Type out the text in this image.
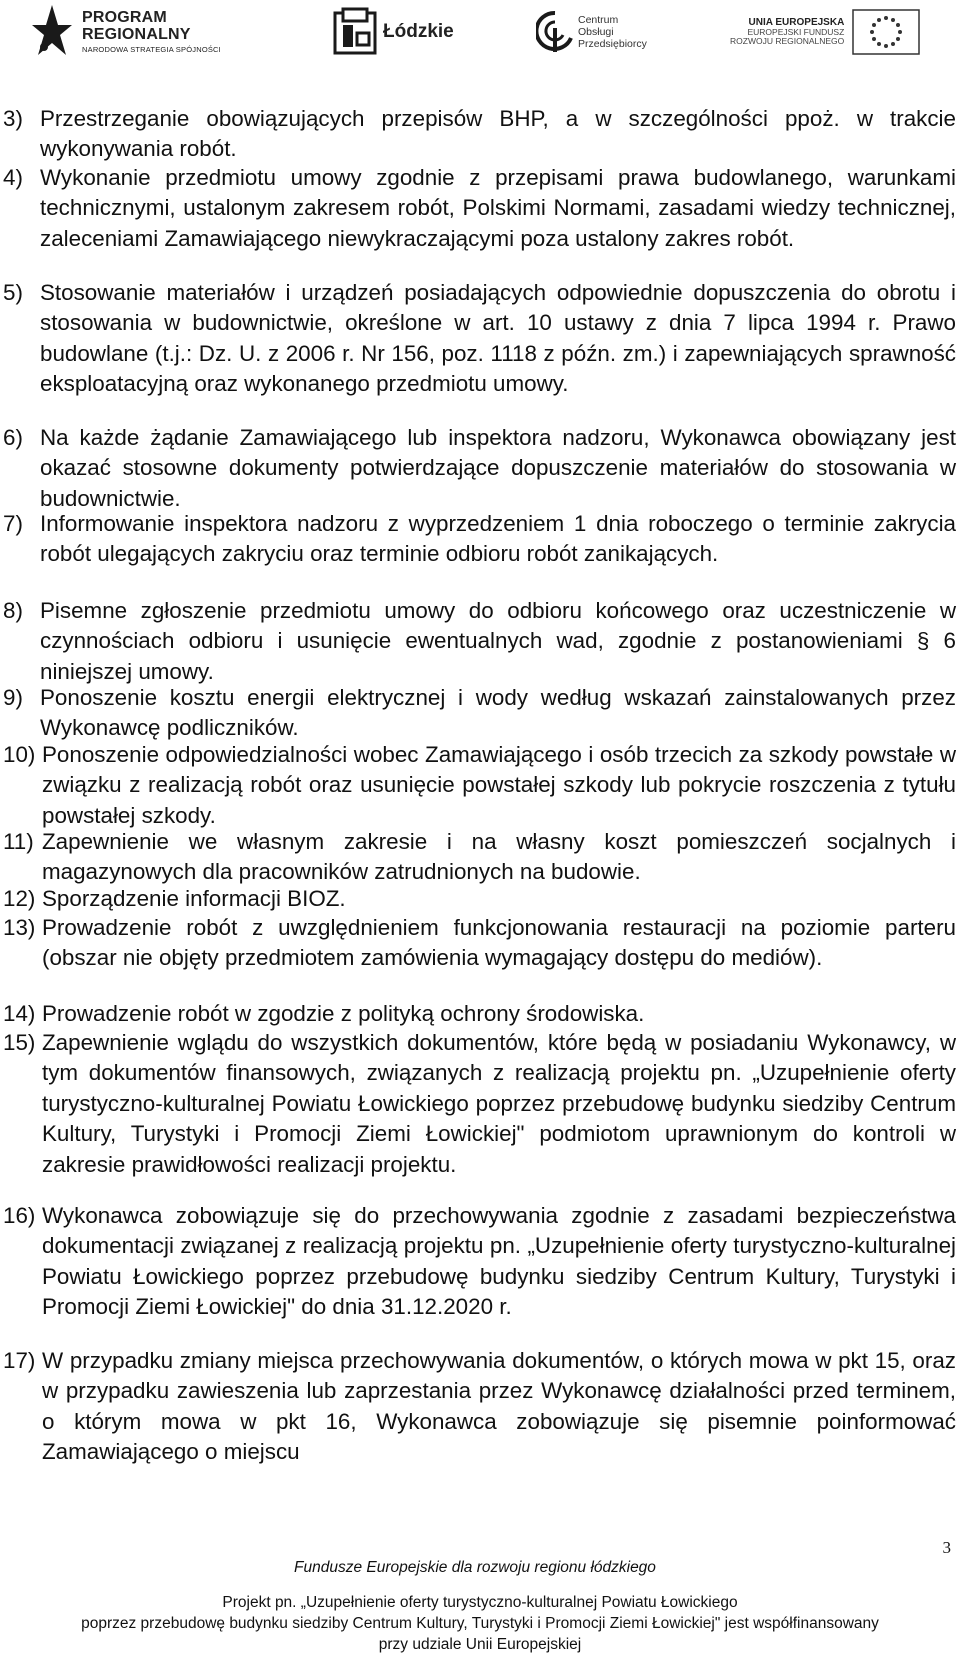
PROGRAM
REGIONALNY
NARODOWA STRATEGIA SPÓJNOŚCI
Łódzkie
Centrum
Obsługi
Przedsiębiorcy
UNIA EUROPEJSKA
EUROPEJSKI FUNDUSZ
ROZWOJU REGIONALNEGO
3) Przestrzeganie obowiązujących przepisów BHP, a w szczególności ppoż. w trakcie wykonywania robót.
4) Wykonanie przedmiotu umowy zgodnie z przepisami prawa budowlanego, warunkami technicznymi, ustalonym zakresem robót, Polskimi Normami, zasadami wiedzy technicznej, zaleceniami Zamawiającego niewykraczającymi poza ustalony zakres robót.
5) Stosowanie materiałów i urządzeń posiadających odpowiednie dopuszczenia do obrotu i stosowania w budownictwie, określone w art. 10 ustawy z dnia 7 lipca 1994 r. Prawo budowlane (t.j.: Dz. U. z 2006 r. Nr 156, poz. 1118 z późn. zm.) i zapewniających sprawność eksploatacyjną oraz wykonanego przedmiotu umowy.
6) Na każde żądanie Zamawiającego lub inspektora nadzoru, Wykonawca obowiązany jest okazać stosowne dokumenty potwierdzające dopuszczenie materiałów do stosowania w budownictwie.
7) Informowanie inspektora nadzoru z wyprzedzeniem 1 dnia roboczego o terminie zakrycia robót ulegających zakryciu oraz terminie odbioru robót zanikających.
8) Pisemne zgłoszenie przedmiotu umowy do odbioru końcowego oraz uczestniczenie w czynnościach odbioru i usunięcie ewentualnych wad, zgodnie z postanowieniami § 6 niniejszej umowy.
9) Ponoszenie kosztu energii elektrycznej i wody według wskazań zainstalowanych przez Wykonawcę podliczników.
10) Ponoszenie odpowiedzialności wobec Zamawiającego i osób trzecich za szkody powstałe w związku z realizacją robót oraz usunięcie powstałej szkody lub pokrycie roszczenia z tytułu powstałej szkody.
11) Zapewnienie we własnym zakresie i na własny koszt pomieszczeń socjalnych i magazynowych dla pracowników zatrudnionych na budowie.
12) Sporządzenie informacji BIOZ.
13) Prowadzenie robót z uwzględnieniem funkcjonowania restauracji na poziomie parteru (obszar nie objęty przedmiotem zamówienia wymagający dostępu do mediów).
14) Prowadzenie robót w zgodzie z polityką ochrony środowiska.
15) Zapewnienie wglądu do wszystkich dokumentów, które będą w posiadaniu Wykonawcy, w tym dokumentów finansowych, związanych z realizacją projektu pn. „Uzupełnienie oferty turystyczno-kulturalnej Powiatu Łowickiego poprzez przebudowę budynku siedziby Centrum Kultury, Turystyki i Promocji Ziemi Łowickiej" podmiotom uprawnionym do kontroli w zakresie prawidłowości realizacji projektu.
16) Wykonawca zobowiązuje się do przechowywania zgodnie z zasadami bezpieczeństwa dokumentacji związanej z realizacją projektu pn. „Uzupełnienie oferty turystyczno-kulturalnej Powiatu Łowickiego poprzez przebudowę budynku siedziby Centrum Kultury, Turystyki i Promocji Ziemi Łowickiej" do dnia 31.12.2020 r.
17) W przypadku zmiany miejsca przechowywania dokumentów, o których mowa w pkt 15, oraz w przypadku zawieszenia lub zaprzestania przez Wykonawcę działalności przed terminem, o którym mowa w pkt 16, Wykonawca zobowiązuje się pisemnie poinformować Zamawiającego o miejscu
3
Fundusze Europejskie dla rozwoju regionu łódzkiego
Projekt pn. „Uzupełnienie oferty turystyczno-kulturalnej Powiatu Łowickiego
poprzez przebudowę budynku siedziby Centrum Kultury, Turystyki i Promocji Ziemi Łowickiej" jest współfinansowany
przy udziale Unii Europejskiej
